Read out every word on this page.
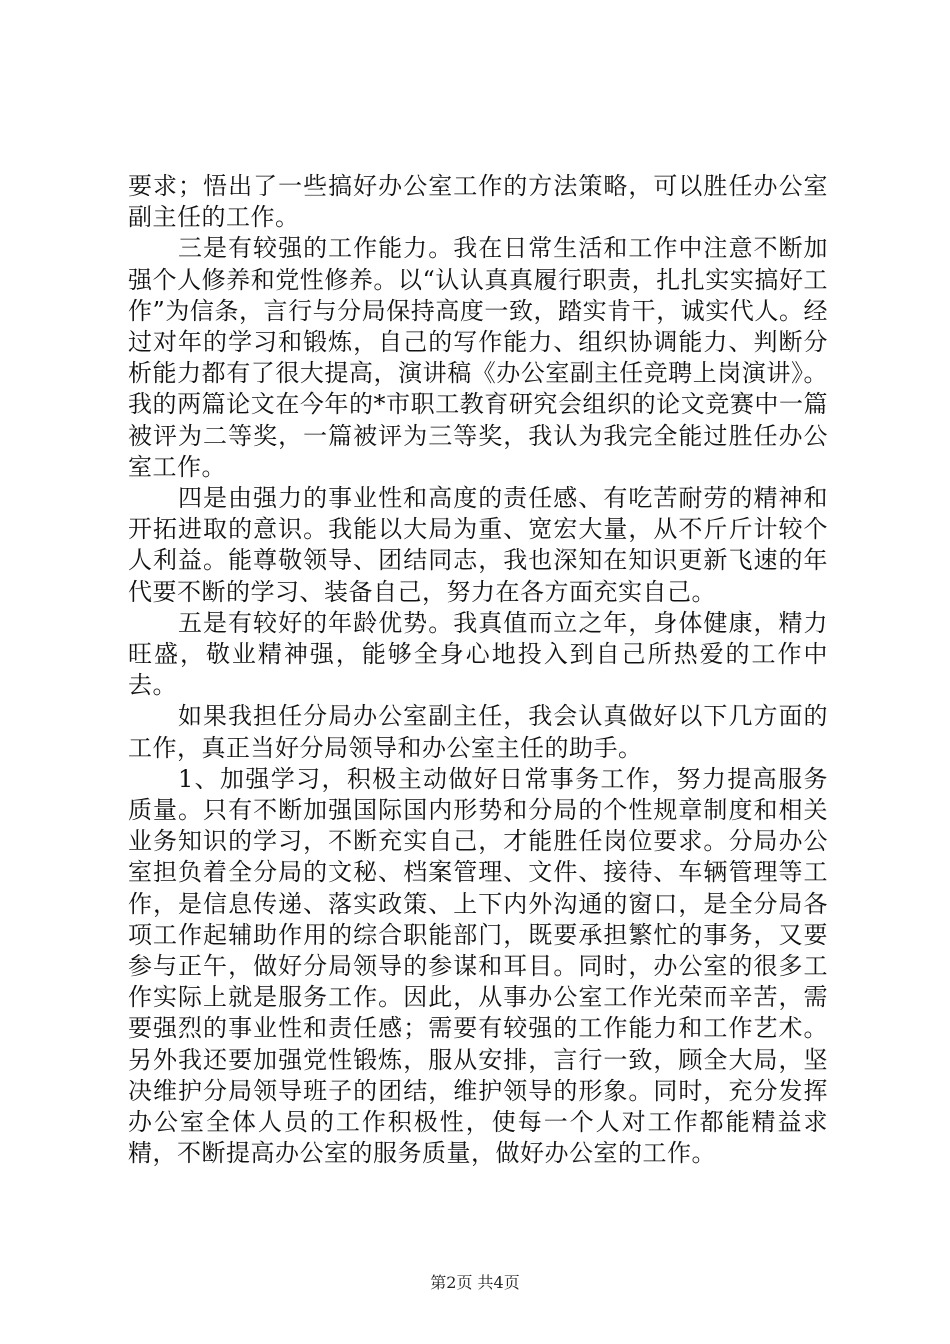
要求；悟出了一些搞好办公室工作的方法策略，可以胜任办公室副主任的工作。

三是有较强的工作能力。我在日常生活和工作中注意不断加强个人修养和党性修养。以“认认真真履行职责，扎扎实实搞好工作”为信条，言行与分局保持高度一致，踏实肯干，诚实代人。经过对年的学习和锻炼，自己的写作能力、组织协调能力、判断分析能力都有了很大提高，演讲稿《办公室副主任竞聘上岗演讲》。我的两篇论文在今年的*市职工教育研究会组织的论文竞赛中一篇被评为二等奖，一篇被评为三等奖，我认为我完全能过胜任办公室工作。

四是由强力的事业性和高度的责任感、有吃苦耐劳的精神和开拓进取的意识。我能以大局为重、宽宏大量，从不斤斤计较个人利益。能尊敬领导、团结同志，我也深知在知识更新飞速的年代要不断的学习、装备自己，努力在各方面充实自己。

五是有较好的年龄优势。我真值而立之年，身体健康，精力旺盛，敬业精神强，能够全身心地投入到自己所热爱的工作中去。

如果我担任分局办公室副主任，我会认真做好以下几方面的工作，真正当好分局领导和办公室主任的助手。

1、加强学习，积极主动做好日常事务工作，努力提高服务质量。只有不断加强国际国内形势和分局的个性规章制度和相关业务知识的学习，不断充实自己，才能胜任岗位要求。分局办公室担负着全分局的文秘、档案管理、文件、接待、车辆管理等工作，是信息传递、落实政策、上下内外沟通的窗口，是全分局各项工作起辅助作用的综合职能部门，既要承担繁忙的事务，又要参与正午，做好分局领导的参谋和耳目。同时，办公室的很多工作实际上就是服务工作。因此，从事办公室工作光荣而辛苦，需要强烈的事业性和责任感；需要有较强的工作能力和工作艺术。另外我还要加强党性锻炼，服从安排，言行一致，顾全大局，坚决维护分局领导班子的团结，维护领导的形象。同时，充分发挥办公室全体人员的工作积极性，使每一个人对工作都能精益求精，不断提高办公室的服务质量，做好办公室的工作。

第2页 共4页
